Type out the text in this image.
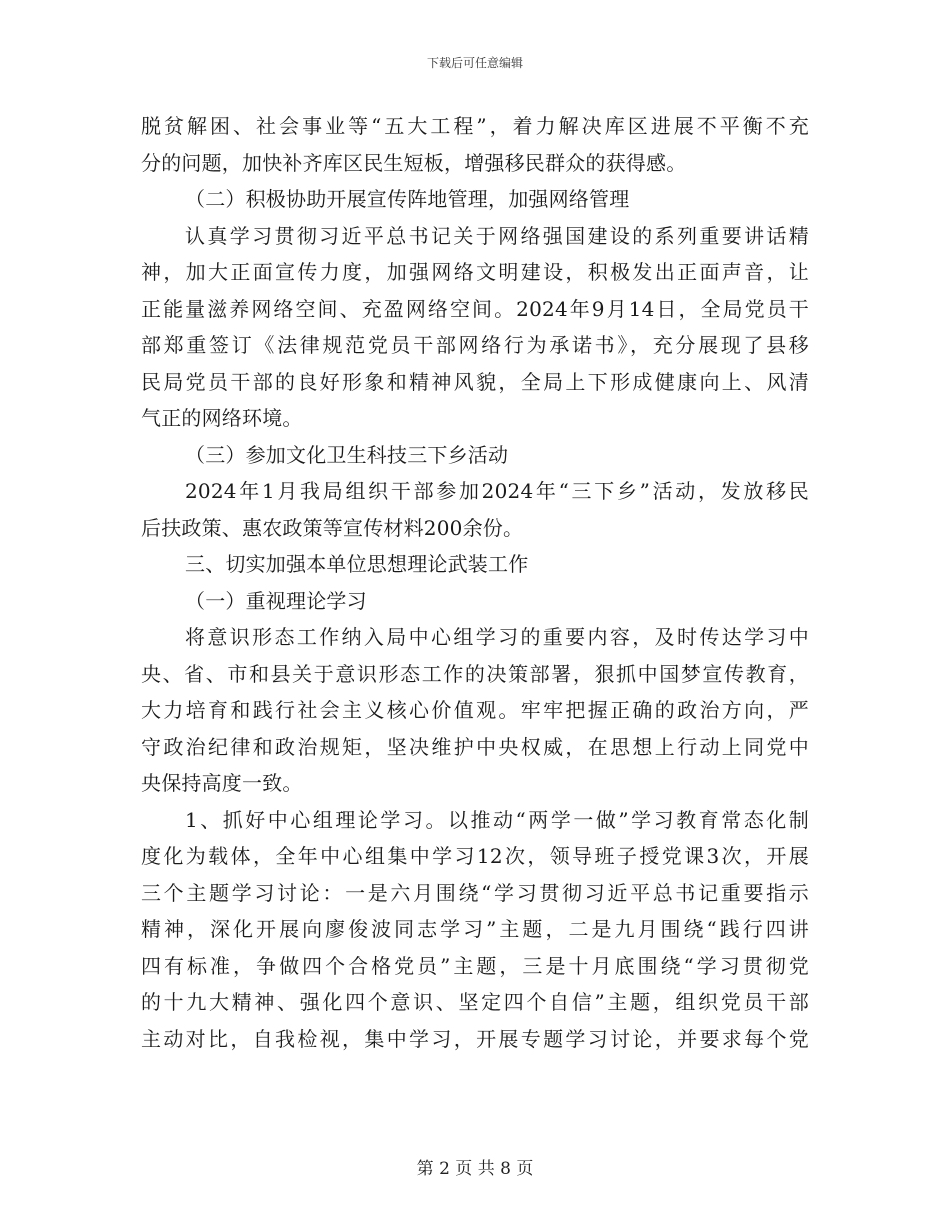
下载后可任意编辑
脱贫解困、社会事业等“五大工程”，着力解决库区进展不平衡不充
分的问题，加快补齐库区民生短板，增强移民群众的获得感。
（二）积极协助开展宣传阵地管理，加强网络管理
认真学习贯彻习近平总书记关于网络强国建设的系列重要讲话精
神，加大正面宣传力度，加强网络文明建设，积极发出正面声音，让
正能量滋养网络空间、充盈网络空间。2024年9月14日，全局党员干
部郑重签订《法律规范党员干部网络行为承诺书》，充分展现了县移
民局党员干部的良好形象和精神风貌，全局上下形成健康向上、风清
气正的网络环境。
（三）参加文化卫生科技三下乡活动
2024年1月我局组织干部参加2024年“三下乡”活动，发放移民
后扶政策、惠农政策等宣传材料200余份。
三、切实加强本单位思想理论武装工作
（一）重视理论学习
将意识形态工作纳入局中心组学习的重要内容，及时传达学习中
央、省、市和县关于意识形态工作的决策部署，狠抓中国梦宣传教育，
大力培育和践行社会主义核心价值观。牢牢把握正确的政治方向，严
守政治纪律和政治规矩，坚决维护中央权威，在思想上行动上同党中
央保持高度一致。
1、抓好中心组理论学习。以推动“两学一做”学习教育常态化制
度化为载体，全年中心组集中学习12次，领导班子授党课3次，开展
三个主题学习讨论：一是六月围绕“学习贯彻习近平总书记重要指示
精神，深化开展向廖俊波同志学习”主题，二是九月围绕“践行四讲
四有标准，争做四个合格党员”主题，三是十月底围绕“学习贯彻党
的十九大精神、强化四个意识、坚定四个自信”主题，组织党员干部
主动对比，自我检视，集中学习，开展专题学习讨论，并要求每个党
第 2 页 共 8 页
